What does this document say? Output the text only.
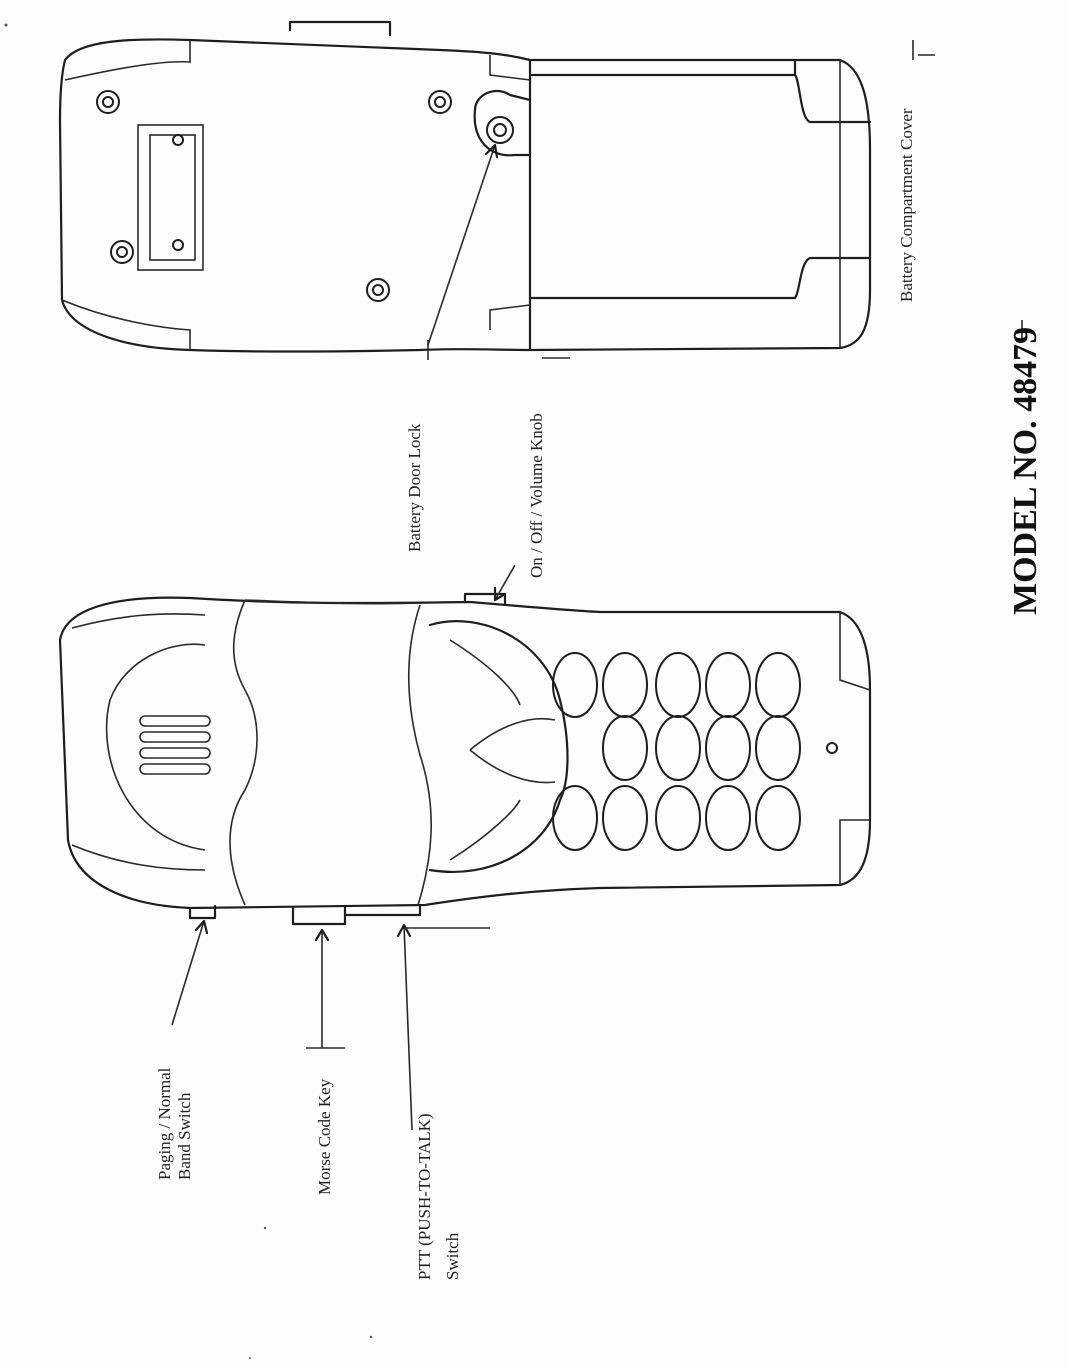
Paging / Normal Band Switch	Morse Code Key	PTT (PUSH-TO-TALK) Switch
On / Off / Volume Knob
Battery Door Lock
Battery Compartment Cover
MODEL NO. 48479
